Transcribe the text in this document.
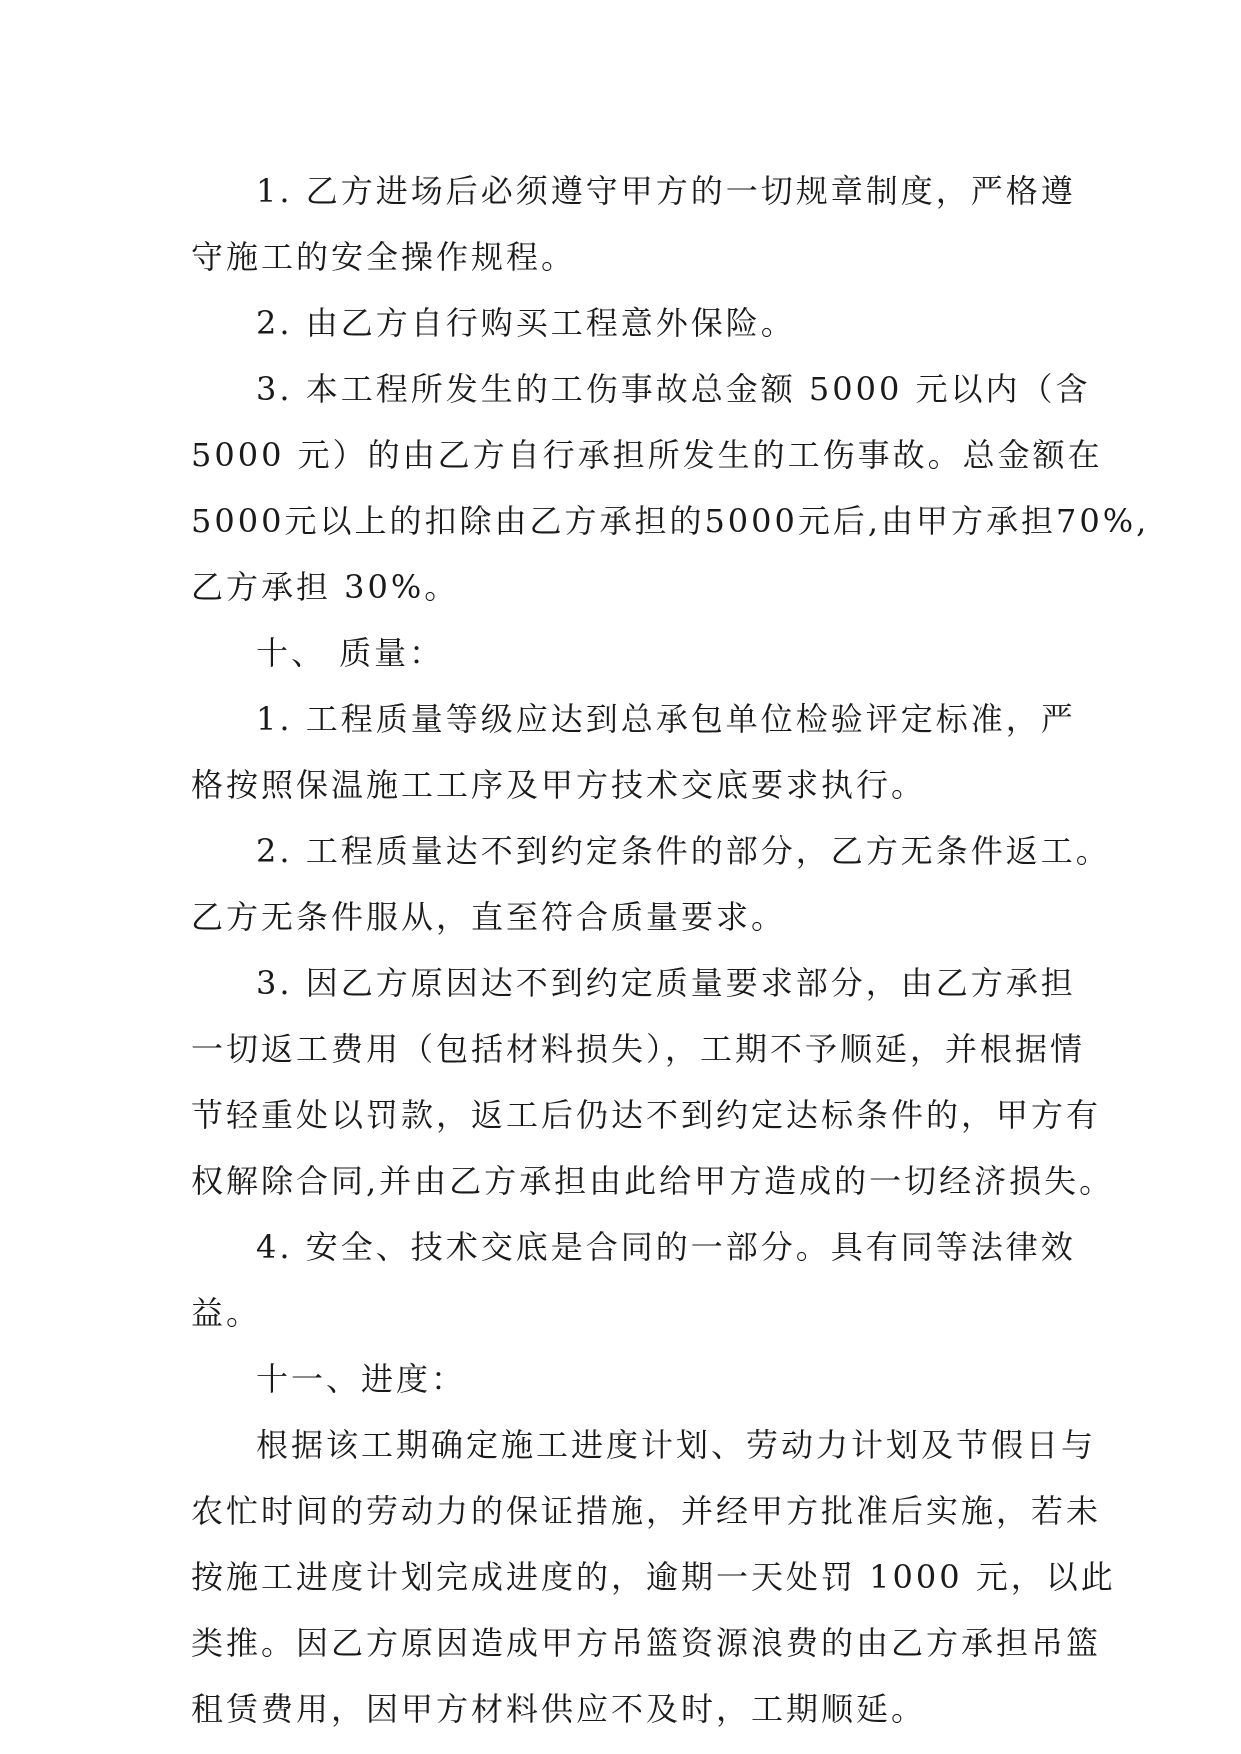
1. 乙方进场后必须遵守甲方的一切规章制度，严格遵
守施工的安全操作规程。

2. 由乙方自行购买工程意外保险。

3. 本工程所发生的工伤事故总金额 5000 元以内（含
5000 元）的由乙方自行承担所发生的工伤事故。总金额在
5000元以上的扣除由乙方承担的5000元后,由甲方承担70%,
乙方承担 30%。

十、 质量：

1. 工程质量等级应达到总承包单位检验评定标准，严
格按照保温施工工序及甲方技术交底要求执行。

2. 工程质量达不到约定条件的部分，乙方无条件返工。
乙方无条件服从，直至符合质量要求。

3. 因乙方原因达不到约定质量要求部分，由乙方承担
一切返工费用（包括材料损失），工期不予顺延，并根据情
节轻重处以罚款，返工后仍达不到约定达标条件的，甲方有
权解除合同,并由乙方承担由此给甲方造成的一切经济损失。

4. 安全、技术交底是合同的一部分。具有同等法律效
益。

十一、进度：

根据该工期确定施工进度计划、劳动力计划及节假日与
农忙时间的劳动力的保证措施，并经甲方批准后实施，若未
按施工进度计划完成进度的，逾期一天处罚 1000 元，以此
类推。因乙方原因造成甲方吊篮资源浪费的由乙方承担吊篮
租赁费用，因甲方材料供应不及时，工期顺延。
